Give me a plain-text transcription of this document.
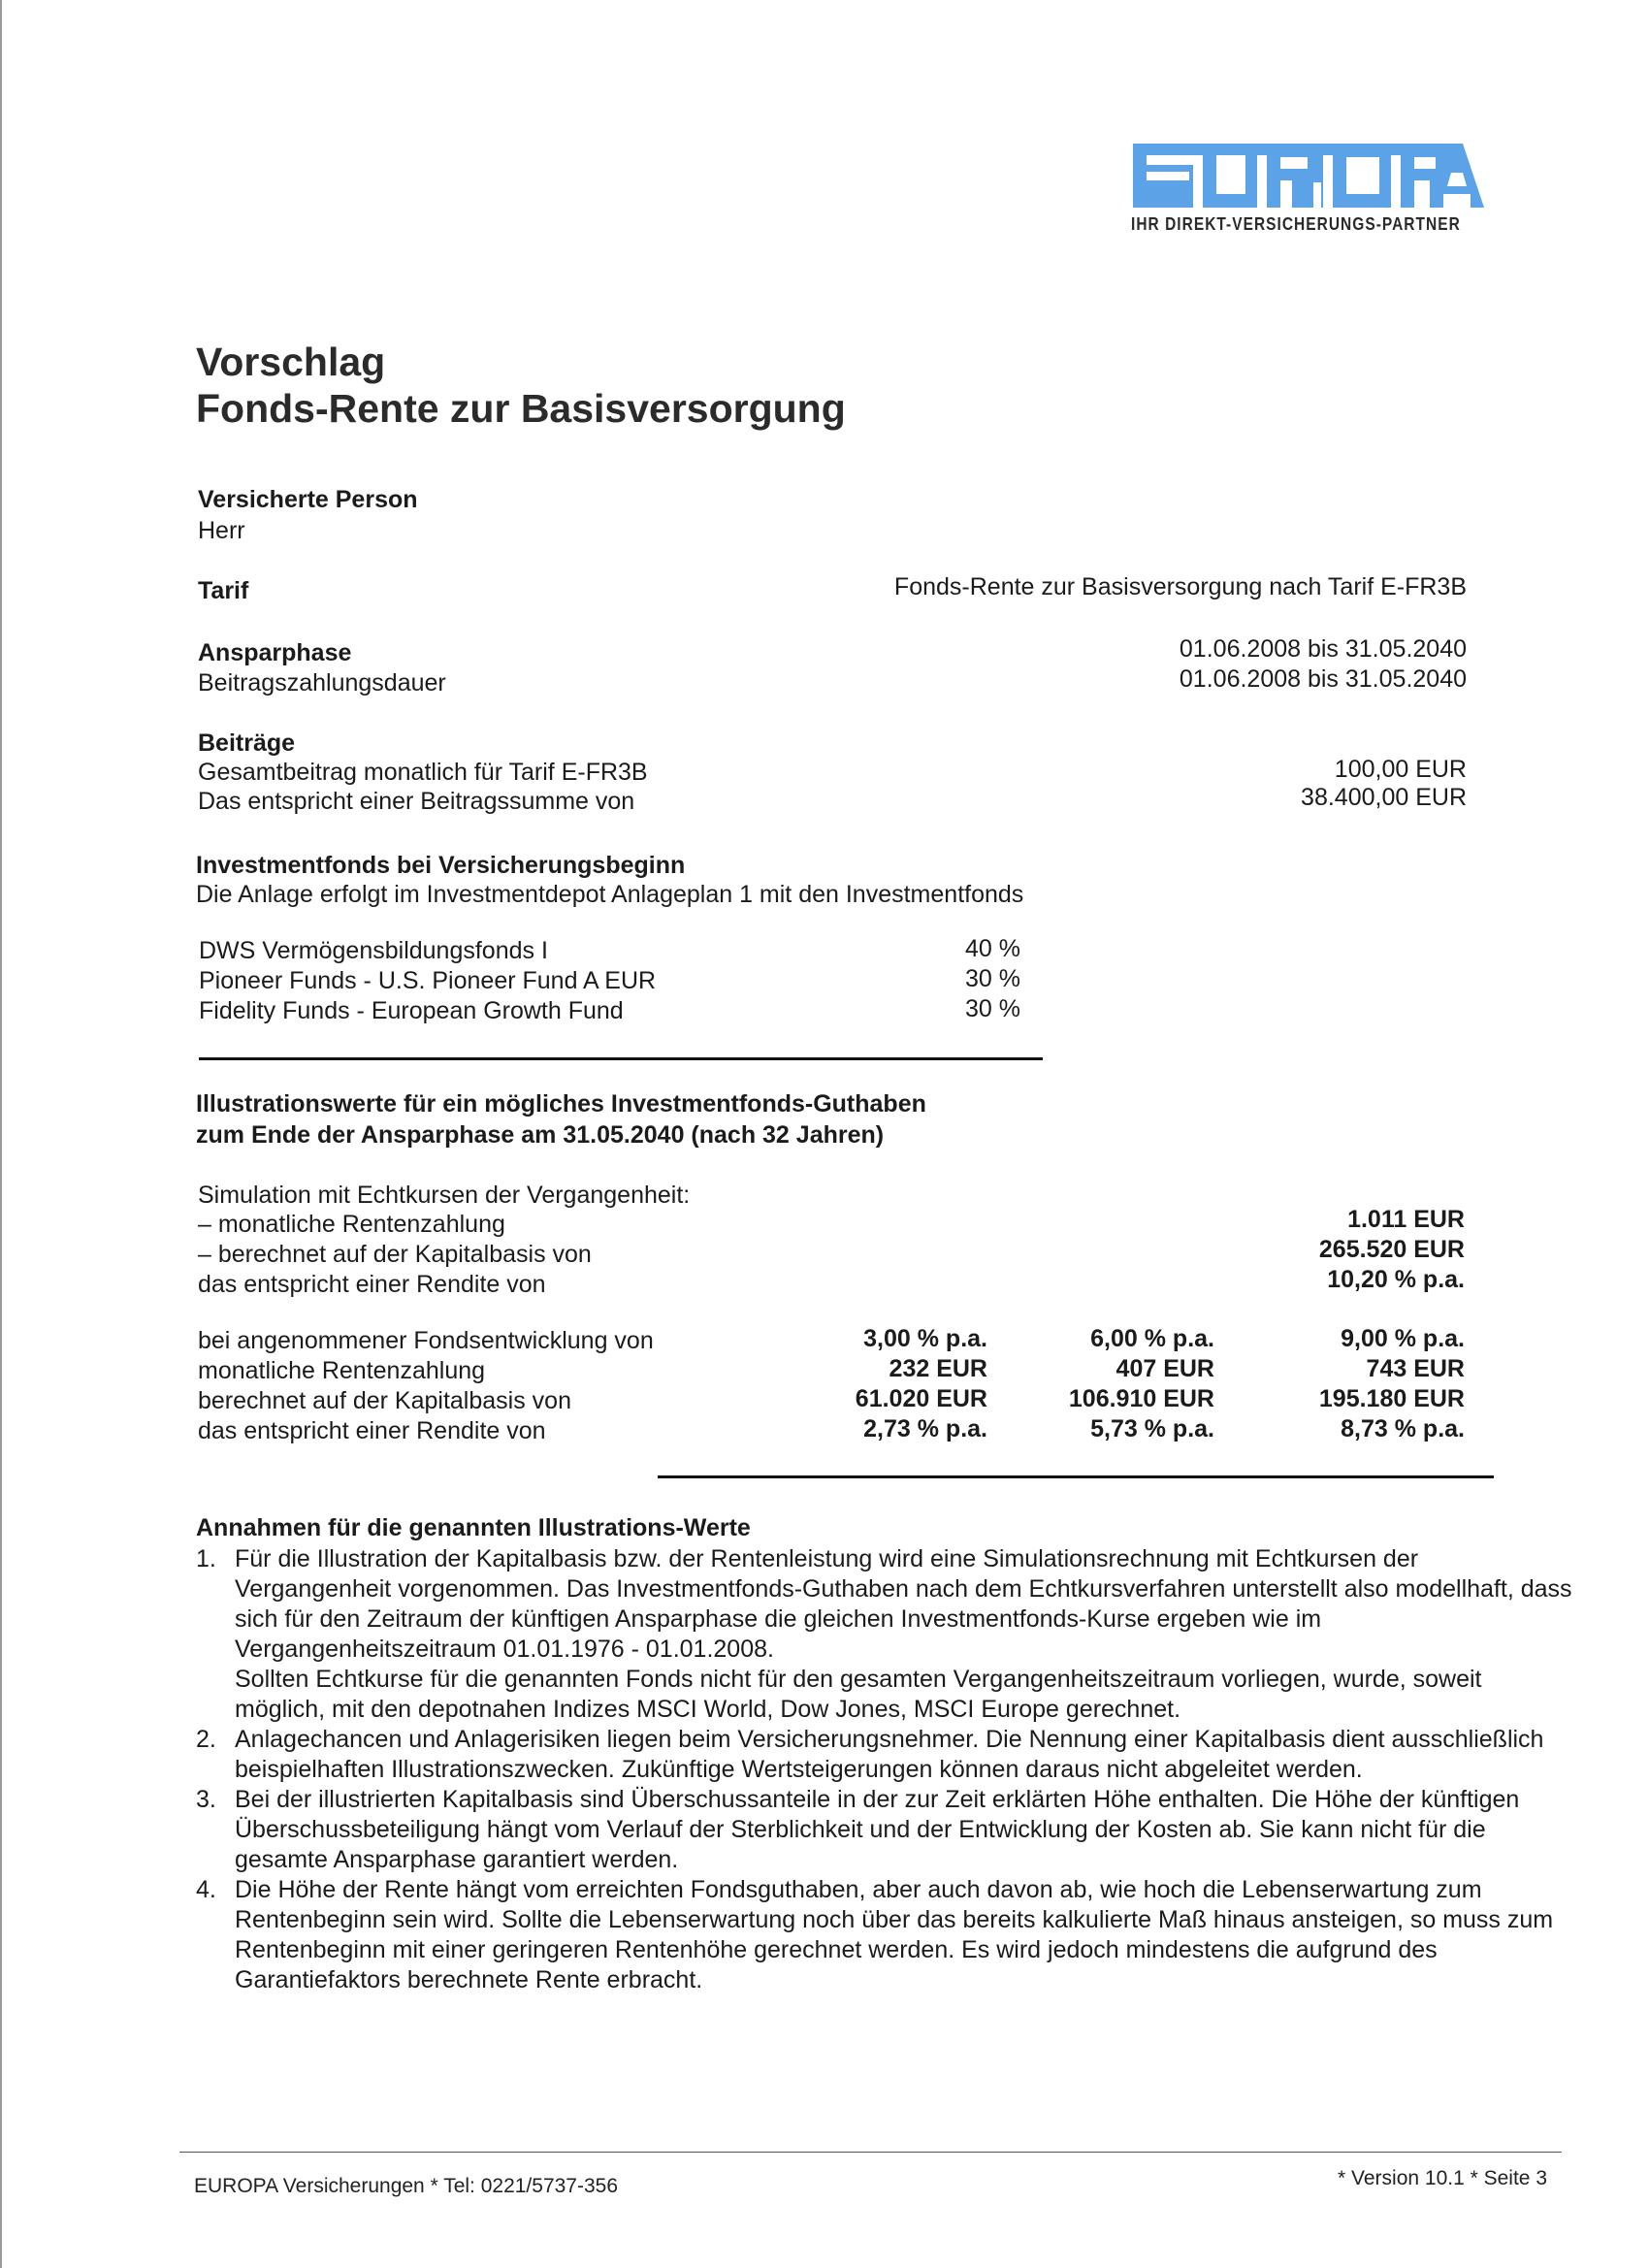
IHR DIREKT-VERSICHERUNGS-PARTNER
Vorschlag
Fonds-Rente zur Basisversorgung
Versicherte Person
Herr
Tarif	Fonds-Rente zur Basisversorgung nach Tarif E-FR3B
Ansparphase	01.06.2008 bis 31.05.2040
Beitragszahlungsdauer	01.06.2008 bis 31.05.2040
Beiträge
Gesamtbeitrag monatlich für Tarif E-FR3B	100,00 EUR
Das entspricht einer Beitragssumme von	38.400,00 EUR
Investmentfonds bei Versicherungsbeginn
Die Anlage erfolgt im Investmentdepot Anlageplan 1 mit den Investmentfonds
DWS Vermögensbildungsfonds I	40 %
Pioneer Funds - U.S. Pioneer Fund A EUR	30 %
Fidelity Funds - European Growth Fund	30 %
Illustrationswerte für ein mögliches Investmentfonds-Guthaben
zum Ende der Ansparphase am 31.05.2040 (nach 32 Jahren)
Simulation mit Echtkursen der Vergangenheit:
– monatliche Rentenzahlung	1.011 EUR
– berechnet auf der Kapitalbasis von	265.520 EUR
das entspricht einer Rendite von	10,20 % p.a.
bei angenommener Fondsentwicklung von	3,00 % p.a.	6,00 % p.a.	9,00 % p.a.
monatliche Rentenzahlung	232 EUR	407 EUR	743 EUR
berechnet auf der Kapitalbasis von	61.020 EUR	106.910 EUR	195.180 EUR
das entspricht einer Rendite von	2,73 % p.a.	5,73 % p.a.	8,73 % p.a.
Annahmen für die genannten Illustrations-Werte
1. Für die Illustration der Kapitalbasis bzw. der Rentenleistung wird eine Simulationsrechnung mit Echtkursen der Vergangenheit vorgenommen. Das Investmentfonds-Guthaben nach dem Echtkursverfahren unterstellt also modellhaft, dass sich für den Zeitraum der künftigen Ansparphase die gleichen Investmentfonds-Kurse ergeben wie im Vergangenheitszeitraum 01.01.1976 - 01.01.2008.
Sollten Echtkurse für die genannten Fonds nicht für den gesamten Vergangenheitszeitraum vorliegen, wurde, soweit möglich, mit den depotnahen Indizes MSCI World, Dow Jones, MSCI Europe gerechnet.
2. Anlagechancen und Anlagerisiken liegen beim Versicherungsnehmer. Die Nennung einer Kapitalbasis dient ausschließlich beispielhaften Illustrationszwecken. Zukünftige Wertsteigerungen können daraus nicht abgeleitet werden.
3. Bei der illustrierten Kapitalbasis sind Überschussanteile in der zur Zeit erklärten Höhe enthalten. Die Höhe der künftigen Überschussbeteiligung hängt vom Verlauf der Sterblichkeit und der Entwicklung der Kosten ab. Sie kann nicht für die gesamte Ansparphase garantiert werden.
4. Die Höhe der Rente hängt vom erreichten Fondsguthaben, aber auch davon ab, wie hoch die Lebenserwartung zum Rentenbeginn sein wird. Sollte die Lebenserwartung noch über das bereits kalkulierte Maß hinaus ansteigen, so muss zum Rentenbeginn mit einer geringeren Rentenhöhe gerechnet werden. Es wird jedoch mindestens die aufgrund des Garantiefaktors berechnete Rente erbracht.
EUROPA Versicherungen * Tel: 0221/5737-356	* Version 10.1 * Seite 3
